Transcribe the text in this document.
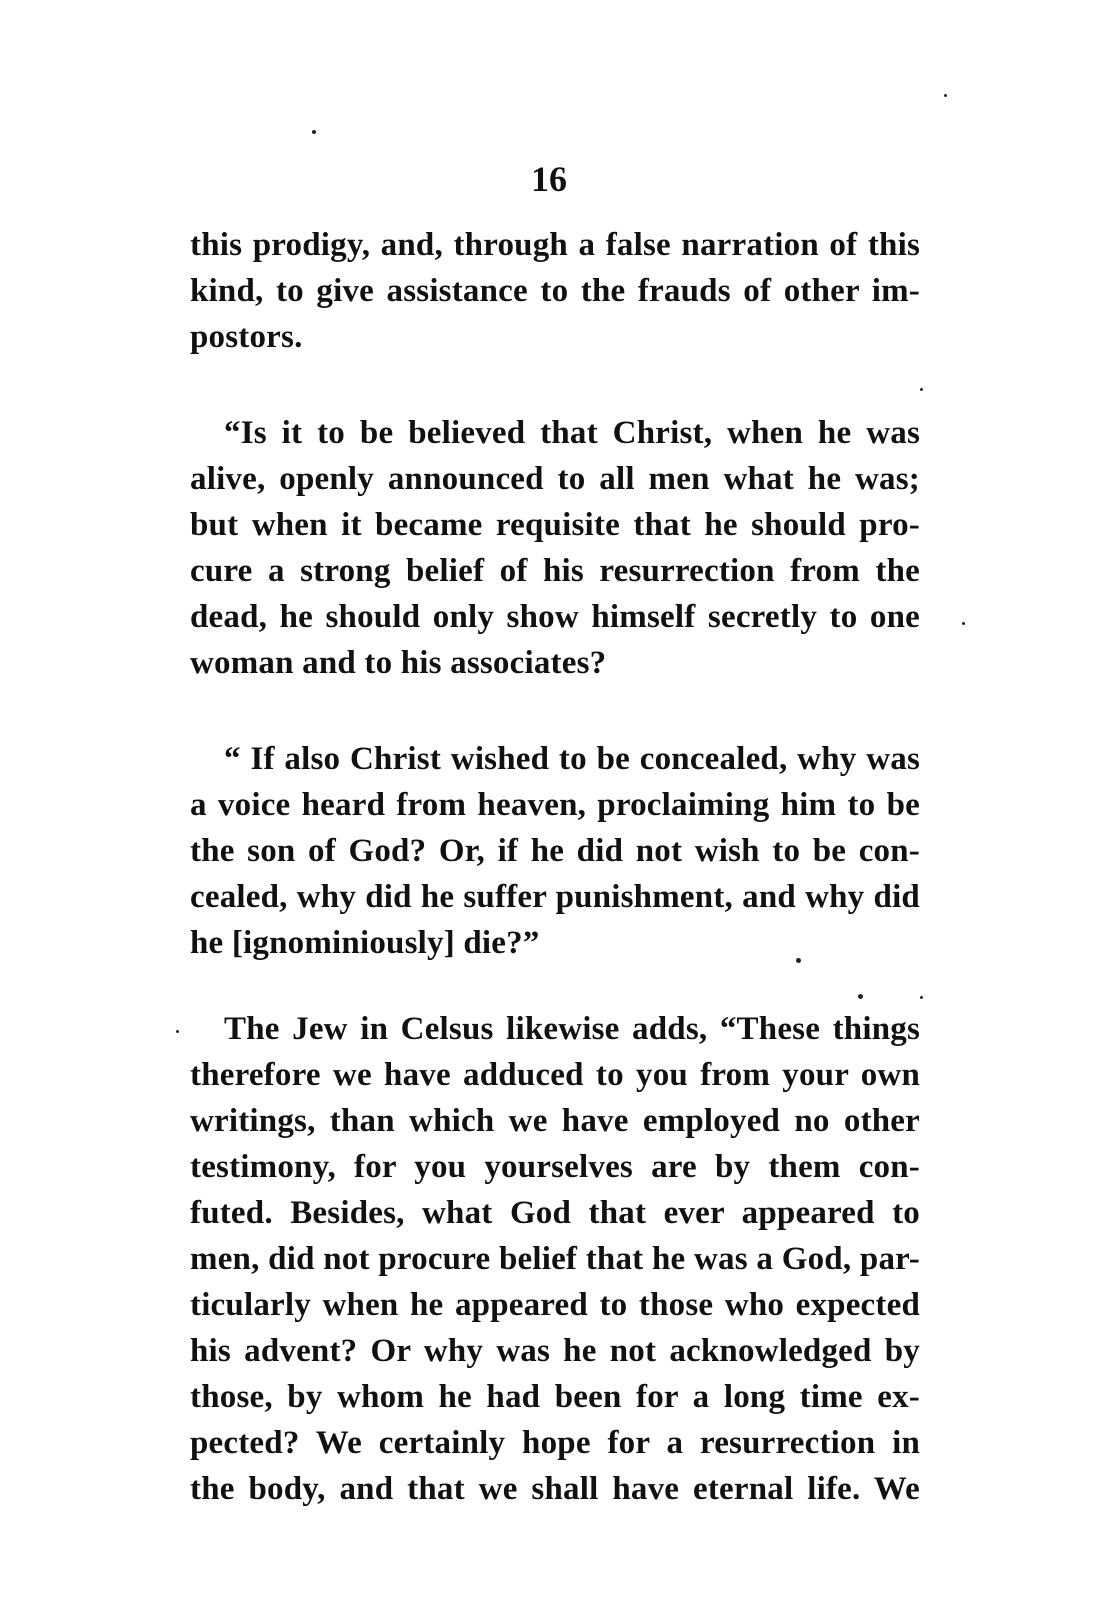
16
this prodigy, and, through a false narration of this
kind, to give assistance to the frauds of other im-
postors.
“Is it to be believed that Christ, when he was
alive, openly announced to all men what he was;
but when it became requisite that he should pro-
cure a strong belief of his resurrection from the
dead, he should only show himself secretly to one
woman and to his associates?
“ If also Christ wished to be concealed, why was
a voice heard from heaven, proclaiming him to be
the son of God? Or, if he did not wish to be con-
cealed, why did he suffer punishment, and why did
he [ignominiously] die?”
The Jew in Celsus likewise adds, “These things
therefore we have adduced to you from your own
writings, than which we have employed no other
testimony, for you yourselves are by them con-
futed. Besides, what God that ever appeared to
men, did not procure belief that he was a God, par-
ticularly when he appeared to those who expected
his advent? Or why was he not acknowledged by
those, by whom he had been for a long time ex-
pected? We certainly hope for a resurrection in
the body, and that we shall have eternal life. We
